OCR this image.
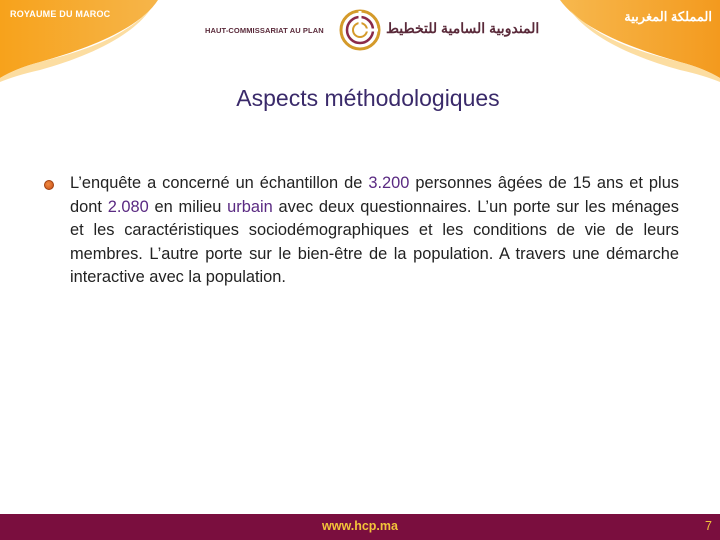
ROYAUME DU MAROC	المملكة المغربية
HAUT-COMMISSARIAT AU PLAN	المندوبية السامية للتخطيط
Aspects méthodologiques
L’enquête a concerné un échantillon de 3.200 personnes âgées de 15 ans et plus dont 2.080 en milieu urbain avec deux questionnaires. L’un porte sur les ménages et les caractéristiques sociodémographiques et les conditions de vie de leurs membres. L’autre porte sur le bien-être de la population. A travers une démarche interactive avec la population.
www.hcp.ma	7
